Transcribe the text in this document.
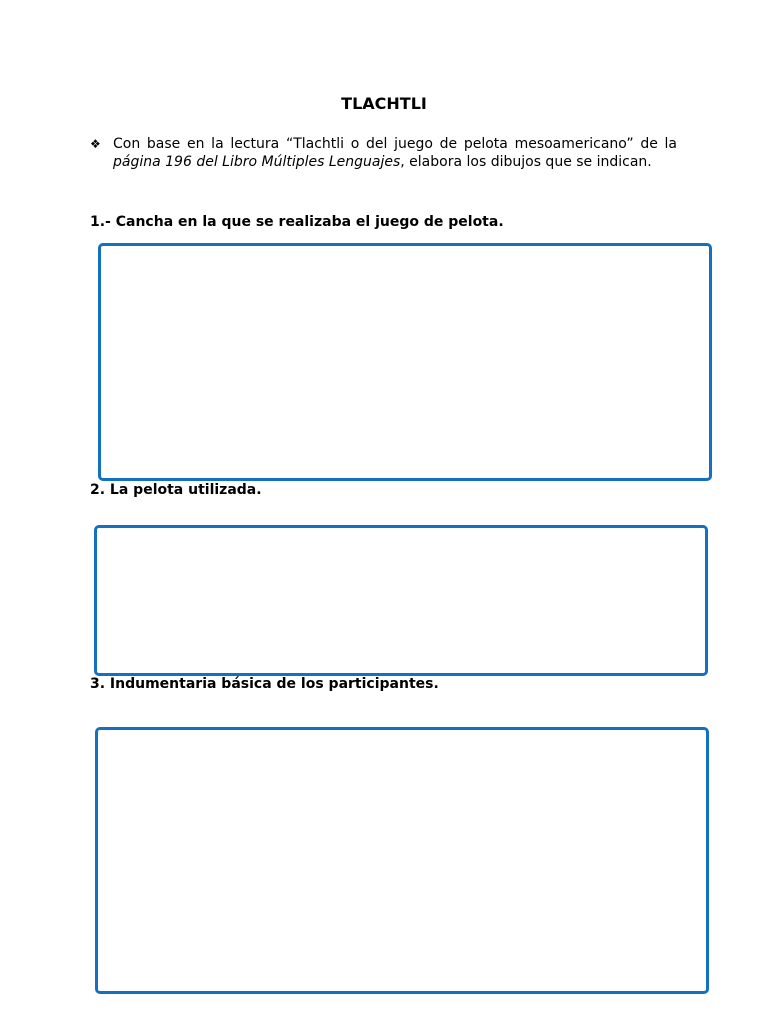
TLACHTLI
❖ Con base en la lectura “Tlachtli o del juego de pelota mesoamericano” de la página 196 del Libro Múltiples Lenguajes, elabora los dibujos que se indican.
1.- Cancha en la que se realizaba el juego de pelota.
2. La pelota utilizada.
3. Indumentaria básica de los participantes.
